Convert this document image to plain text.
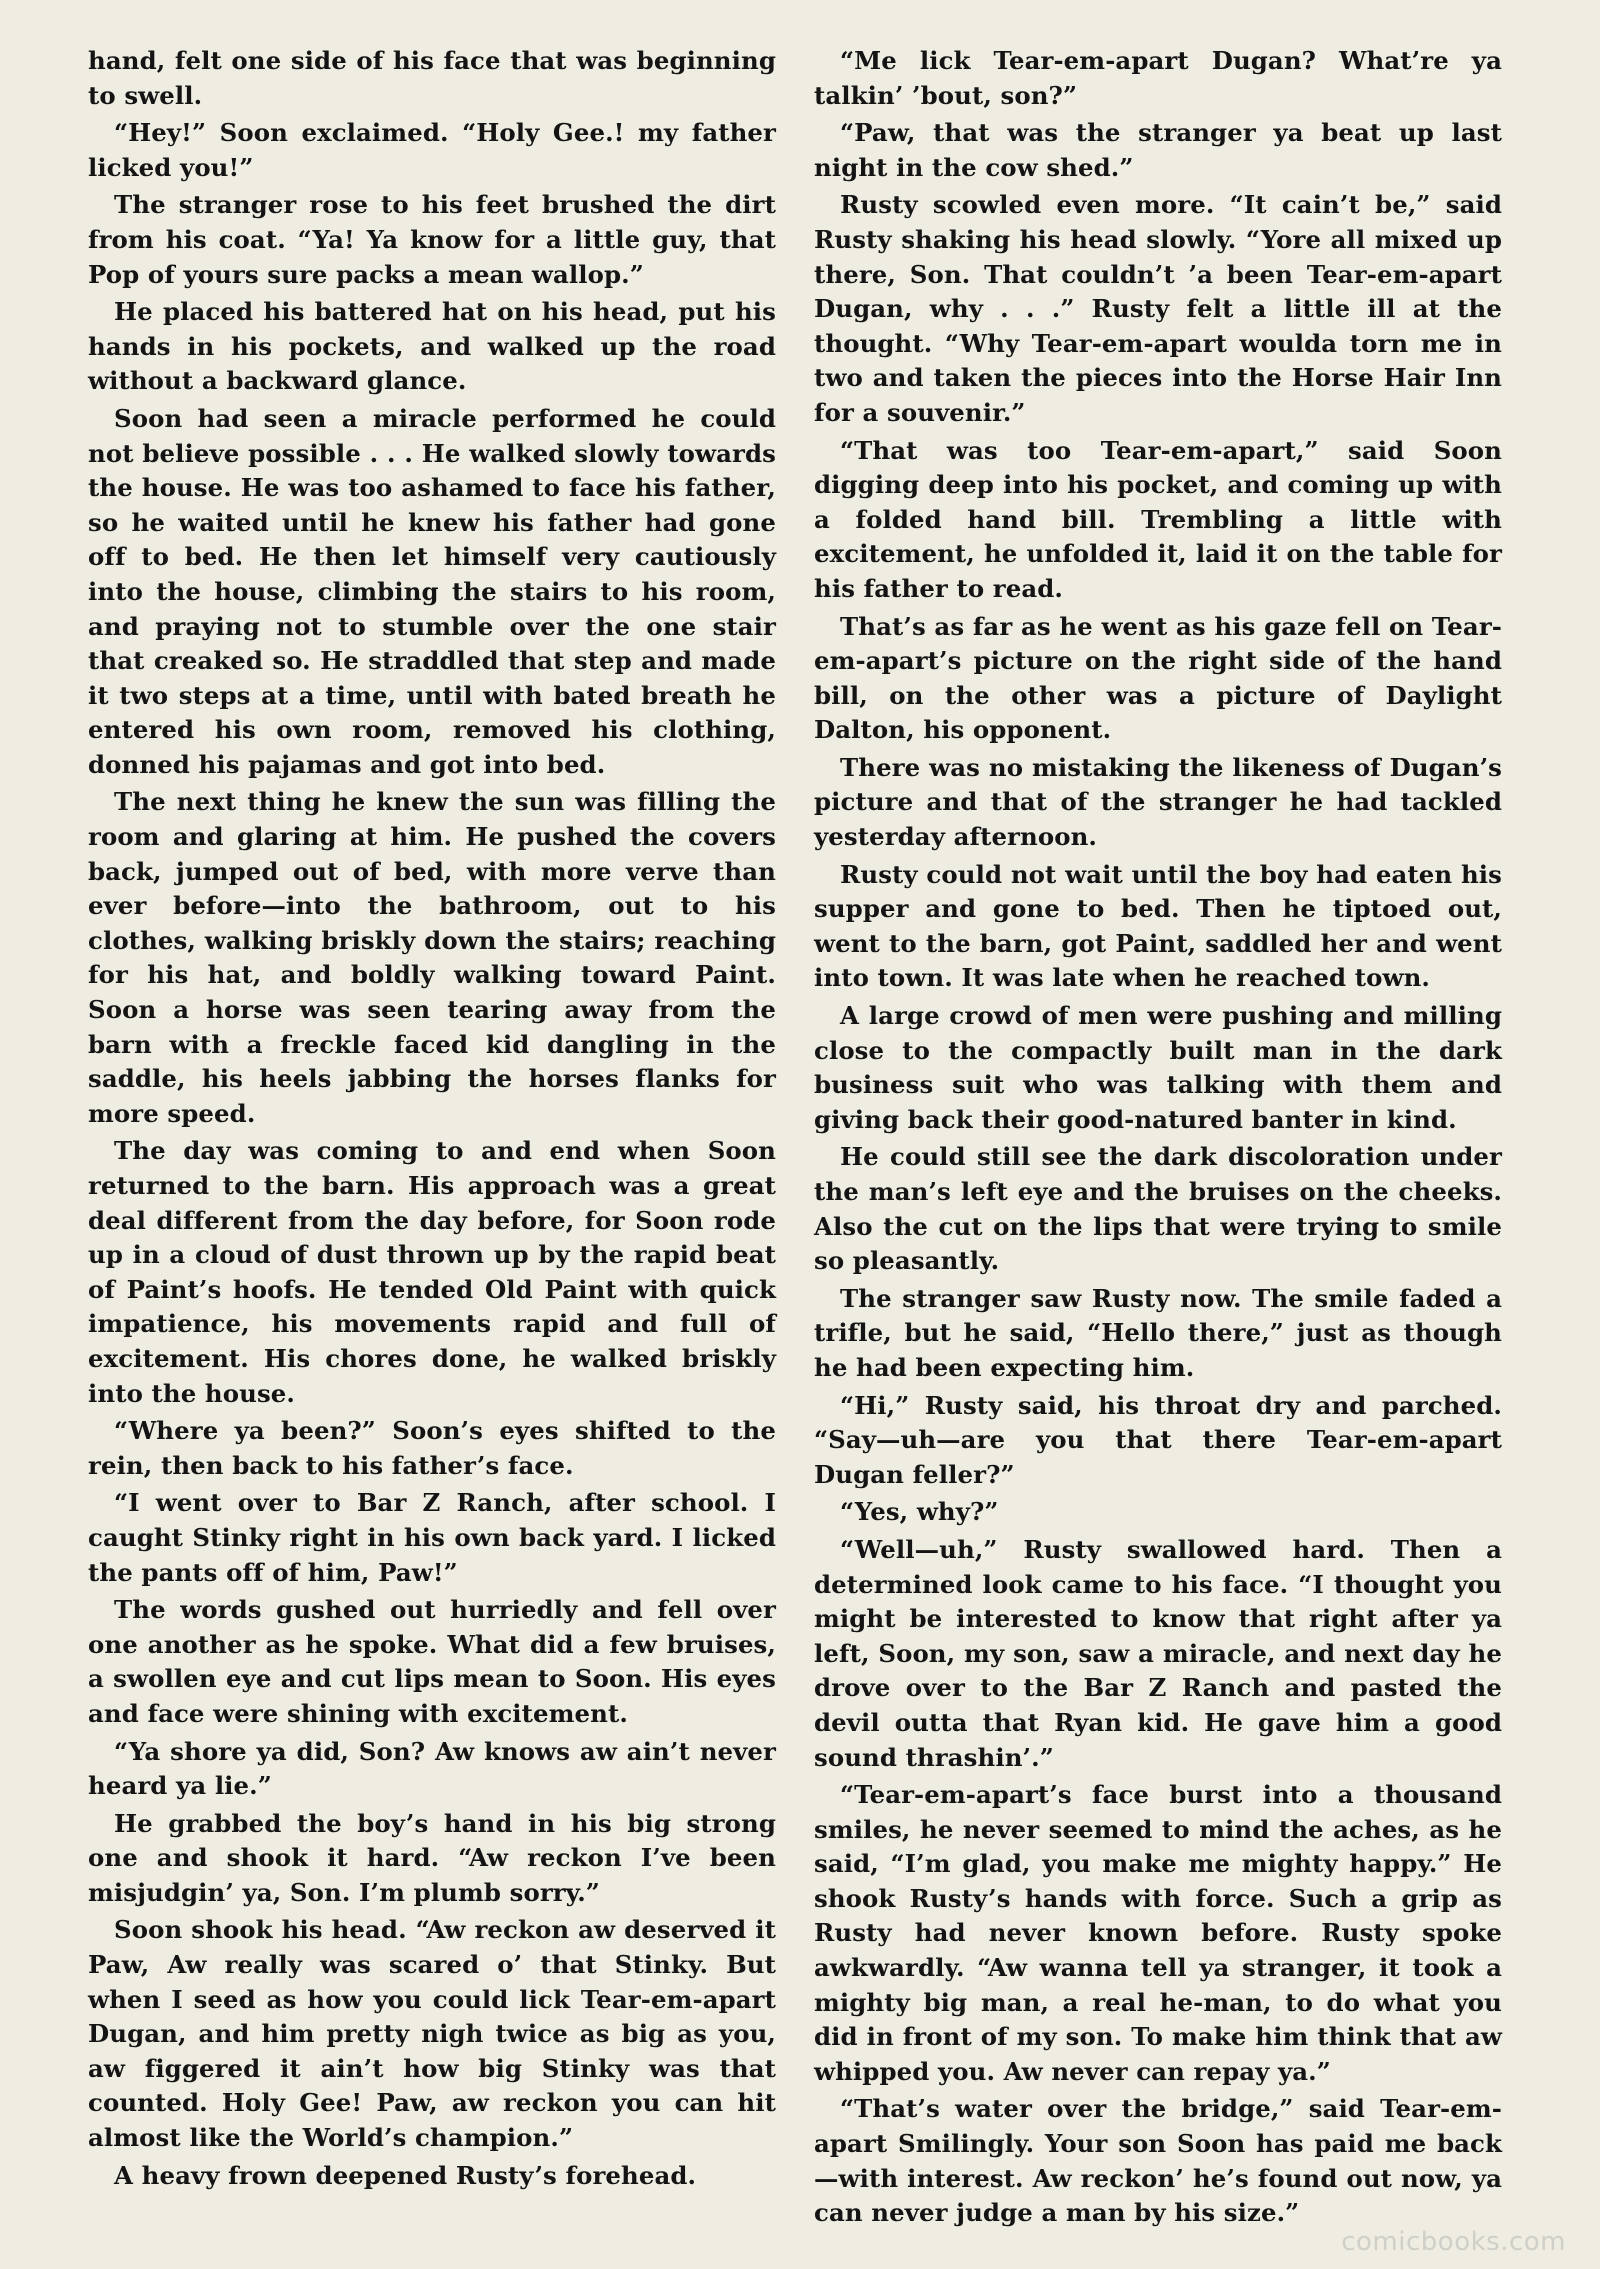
hand, felt one side of his face that was beginning to swell.

“Hey!” Soon exclaimed. “Holy Gee.! my father licked you!”

The stranger rose to his feet brushed the dirt from his coat. “Ya! Ya know for a little guy, that Pop of yours sure packs a mean wallop.”

He placed his battered hat on his head, put his hands in his pockets, and walked up the road without a backward glance.

Soon had seen a miracle performed he could not believe possible . . . He walked slowly towards the house. He was too ashamed to face his father, so he waited until he knew his father had gone off to bed. He then let himself very cautiously into the house, climbing the stairs to his room, and praying not to stumble over the one stair that creaked so. He straddled that step and made it two steps at a time, until with bated breath he entered his own room, removed his clothing, donned his pajamas and got into bed.

The next thing he knew the sun was filling the room and glaring at him. He pushed the covers back, jumped out of bed, with more verve than ever before—into the bathroom, out to his clothes, walking briskly down the stairs; reaching for his hat, and boldly walking toward Paint. Soon a horse was seen tearing away from the barn with a freckle faced kid dangling in the saddle, his heels jabbing the horses flanks for more speed.

The day was coming to and end when Soon returned to the barn. His approach was a great deal different from the day before, for Soon rode up in a cloud of dust thrown up by the rapid beat of Paint’s hoofs. He tended Old Paint with quick impatience, his movements rapid and full of excitement. His chores done, he walked briskly into the house.

“Where ya been?” Soon’s eyes shifted to the rein, then back to his father’s face.

“I went over to Bar Z Ranch, after school. I caught Stinky right in his own back yard. I licked the pants off of him, Paw!”

The words gushed out hurriedly and fell over one another as he spoke. What did a few bruises, a swollen eye and cut lips mean to Soon. His eyes and face were shining with excitement.

“Ya shore ya did, Son? Aw knows aw ain’t never heard ya lie.”

He grabbed the boy’s hand in his big strong one and shook it hard. “Aw reckon I’ve been misjudgin’ ya, Son. I’m plumb sorry.”

Soon shook his head. “Aw reckon aw deserved it Paw, Aw really was scared o’ that Stinky. But when I seed as how you could lick Tear-em-apart Dugan, and him pretty nigh twice as big as you, aw figgered it ain’t how big Stinky was that counted. Holy Gee! Paw, aw reckon you can hit almost like the World’s champion.”

A heavy frown deepened Rusty’s forehead.

“Me lick Tear-em-apart Dugan? What’re ya talkin’ ’bout, son?”

“Paw, that was the stranger ya beat up last night in the cow shed.”

Rusty scowled even more. “It cain’t be,” said Rusty shaking his head slowly. “Yore all mixed up there, Son. That couldn’t ’a been Tear-em-apart Dugan, why . . .” Rusty felt a little ill at the thought. “Why Tear-em-apart woulda torn me in two and taken the pieces into the Horse Hair Inn for a souvenir.”

“That was too Tear-em-apart,” said Soon digging deep into his pocket, and coming up with a folded hand bill. Trembling a little with excitement, he unfolded it, laid it on the table for his father to read.

That’s as far as he went as his gaze fell on Tear-em-apart’s picture on the right side of the hand bill, on the other was a picture of Daylight Dalton, his opponent.

There was no mistaking the likeness of Dugan’s picture and that of the stranger he had tackled yesterday afternoon.

Rusty could not wait until the boy had eaten his supper and gone to bed. Then he tiptoed out, went to the barn, got Paint, saddled her and went into town. It was late when he reached town.

A large crowd of men were pushing and milling close to the compactly built man in the dark business suit who was talking with them and giving back their good-natured banter in kind.

He could still see the dark discoloration under the man’s left eye and the bruises on the cheeks. Also the cut on the lips that were trying to smile so pleasantly.

The stranger saw Rusty now. The smile faded a trifle, but he said, “Hello there,” just as though he had been expecting him.

“Hi,” Rusty said, his throat dry and parched. “Say—uh—are you that there Tear-em-apart Dugan feller?”

“Yes, why?”

“Well—uh,” Rusty swallowed hard. Then a determined look came to his face. “I thought you might be interested to know that right after ya left, Soon, my son, saw a miracle, and next day he drove over to the Bar Z Ranch and pasted the devil outta that Ryan kid. He gave him a good sound thrashin’.”

“Tear-em-apart’s face burst into a thousand smiles, he never seemed to mind the aches, as he said, “I’m glad, you make me mighty happy.” He shook Rusty’s hands with force. Such a grip as Rusty had never known before. Rusty spoke awkwardly. “Aw wanna tell ya stranger, it took a mighty big man, a real he-man, to do what you did in front of my son. To make him think that aw whipped you. Aw never can repay ya.”

“That’s water over the bridge,” said Tear-em-apart Smilingly. Your son Soon has paid me back—with interest. Aw reckon’ he’s found out now, ya can never judge a man by his size.”

comicbooks.com
